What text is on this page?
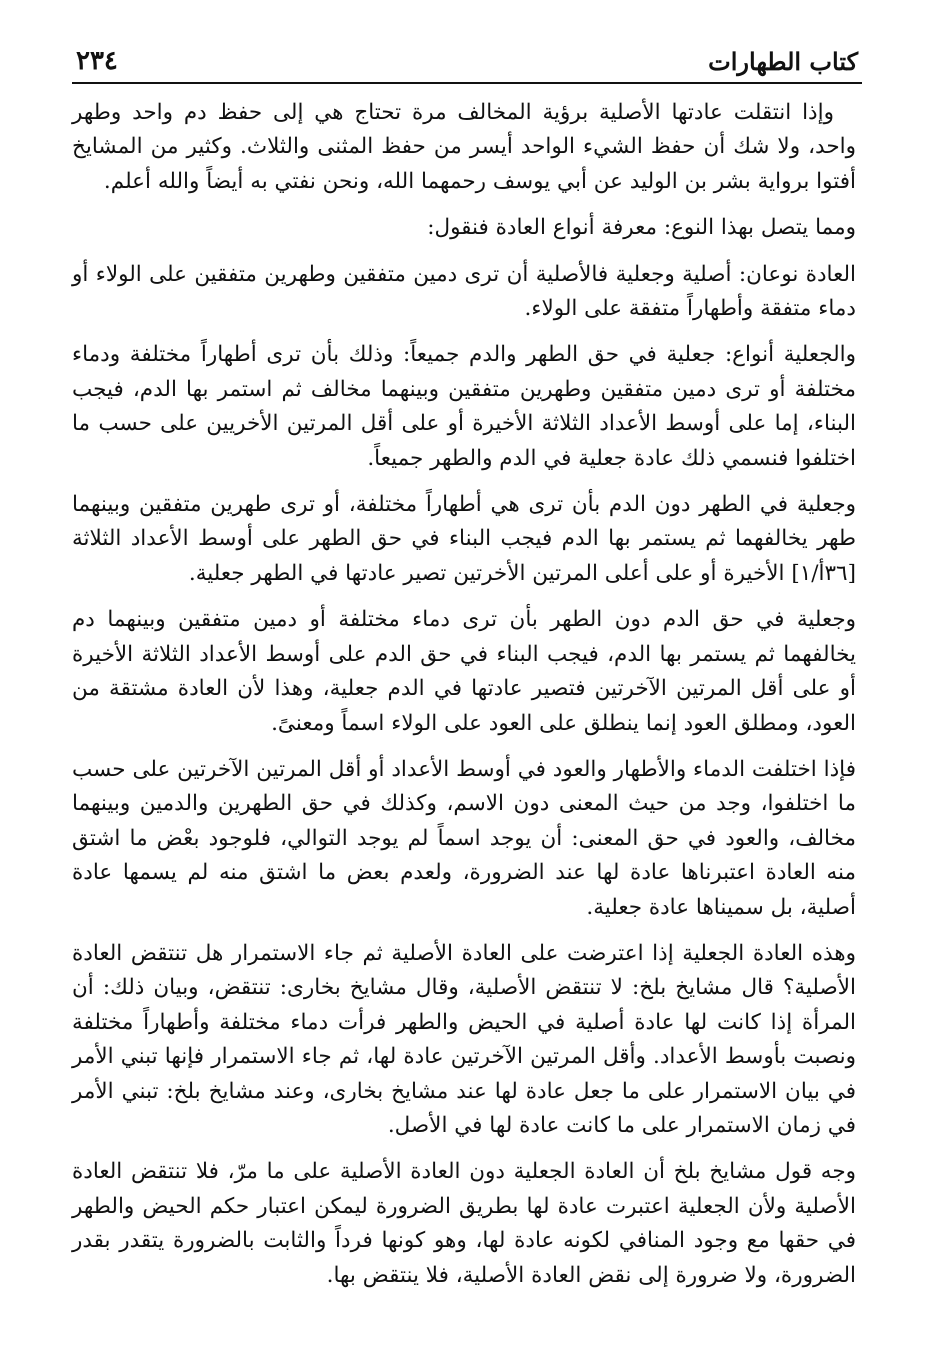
كتاب الطهارات
٢٣٤

وإذا انتقلت عادتها الأصلية برؤية المخالف مرة تحتاج هي إلى حفظ دم واحد وطهر واحد، ولا شك أن حفظ الشيء الواحد أيسر من حفظ المثنى والثلاث. وكثير من المشايخ أفتوا برواية بشر بن الوليد عن أبي يوسف رحمهما الله، ونحن نفتي به أيضاً والله أعلم.

ومما يتصل بهذا النوع: معرفة أنواع العادة فنقول:

العادة نوعان: أصلية وجعلية فالأصلية أن ترى دمين متفقين وطهرين متفقين على الولاء أو دماء متفقة وأطهاراً متفقة على الولاء.

والجعلية أنواع: جعلية في حق الطهر والدم جميعاً: وذلك بأن ترى أطهاراً مختلفة ودماء مختلفة أو ترى دمين متفقين وطهرين متفقين وبينهما مخالف ثم استمر بها الدم، فيجب البناء، إما على أوسط الأعداد الثلاثة الأخيرة أو على أقل المرتين الأخريين على حسب ما اختلفوا فنسمي ذلك عادة جعلية في الدم والطهر جميعاً.

وجعلية في الطهر دون الدم بأن ترى هي أطهاراً مختلفة، أو ترى طهرين متفقين وبينهما طهر يخالفهما ثم يستمر بها الدم فيجب البناء في حق الطهر على أوسط الأعداد الثلاثة [٣٦أ/١] الأخيرة أو على أعلى المرتين الأخرتين تصير عادتها في الطهر جعلية.

وجعلية في حق الدم دون الطهر بأن ترى دماء مختلفة أو دمين متفقين وبينهما دم يخالفهما ثم يستمر بها الدم، فيجب البناء في حق الدم على أوسط الأعداد الثلاثة الأخيرة أو على أقل المرتين الآخرتين فتصير عادتها في الدم جعلية، وهذا لأن العادة مشتقة من العود، ومطلق العود إنما ينطلق على العود على الولاء اسماً ومعنىً.

فإذا اختلفت الدماء والأطهار والعود في أوسط الأعداد أو أقل المرتين الآخرتين على حسب ما اختلفوا، وجد من حيث المعنى دون الاسم، وكذلك في حق الطهرين والدمين وبينهما مخالف، والعود في حق المعنى: أن يوجد اسماً لم يوجد التوالي، فلوجود بعْض ما اشتق منه العادة اعتبرناها عادة لها عند الضرورة، ولعدم بعض ما اشتق منه لم يسمها عادة أصلية، بل سميناها عادة جعلية.

وهذه العادة الجعلية إذا اعترضت على العادة الأصلية ثم جاء الاستمرار هل تنتقض العادة الأصلية؟ قال مشايخ بلخ: لا تنتقض الأصلية، وقال مشايخ بخارى: تنتقض، وبيان ذلك: أن المرأة إذا كانت لها عادة أصلية في الحيض والطهر فرأت دماء مختلفة وأطهاراً مختلفة ونصبت بأوسط الأعداد. وأقل المرتين الآخرتين عادة لها، ثم جاء الاستمرار فإنها تبني الأمر في بيان الاستمرار على ما جعل عادة لها عند مشايخ بخارى، وعند مشايخ بلخ: تبني الأمر في زمان الاستمرار على ما كانت عادة لها في الأصل.

وجه قول مشايخ بلخ أن العادة الجعلية دون العادة الأصلية على ما مرّ، فلا تنتقض العادة الأصلية ولأن الجعلية اعتبرت عادة لها بطريق الضرورة ليمكن اعتبار حكم الحيض والطهر في حقها مع وجود المنافي لكونه عادة لها، وهو كونها فرداً والثابت بالضرورة يتقدر بقدر الضرورة، ولا ضرورة إلى نقض العادة الأصلية، فلا ينتقض بها.
